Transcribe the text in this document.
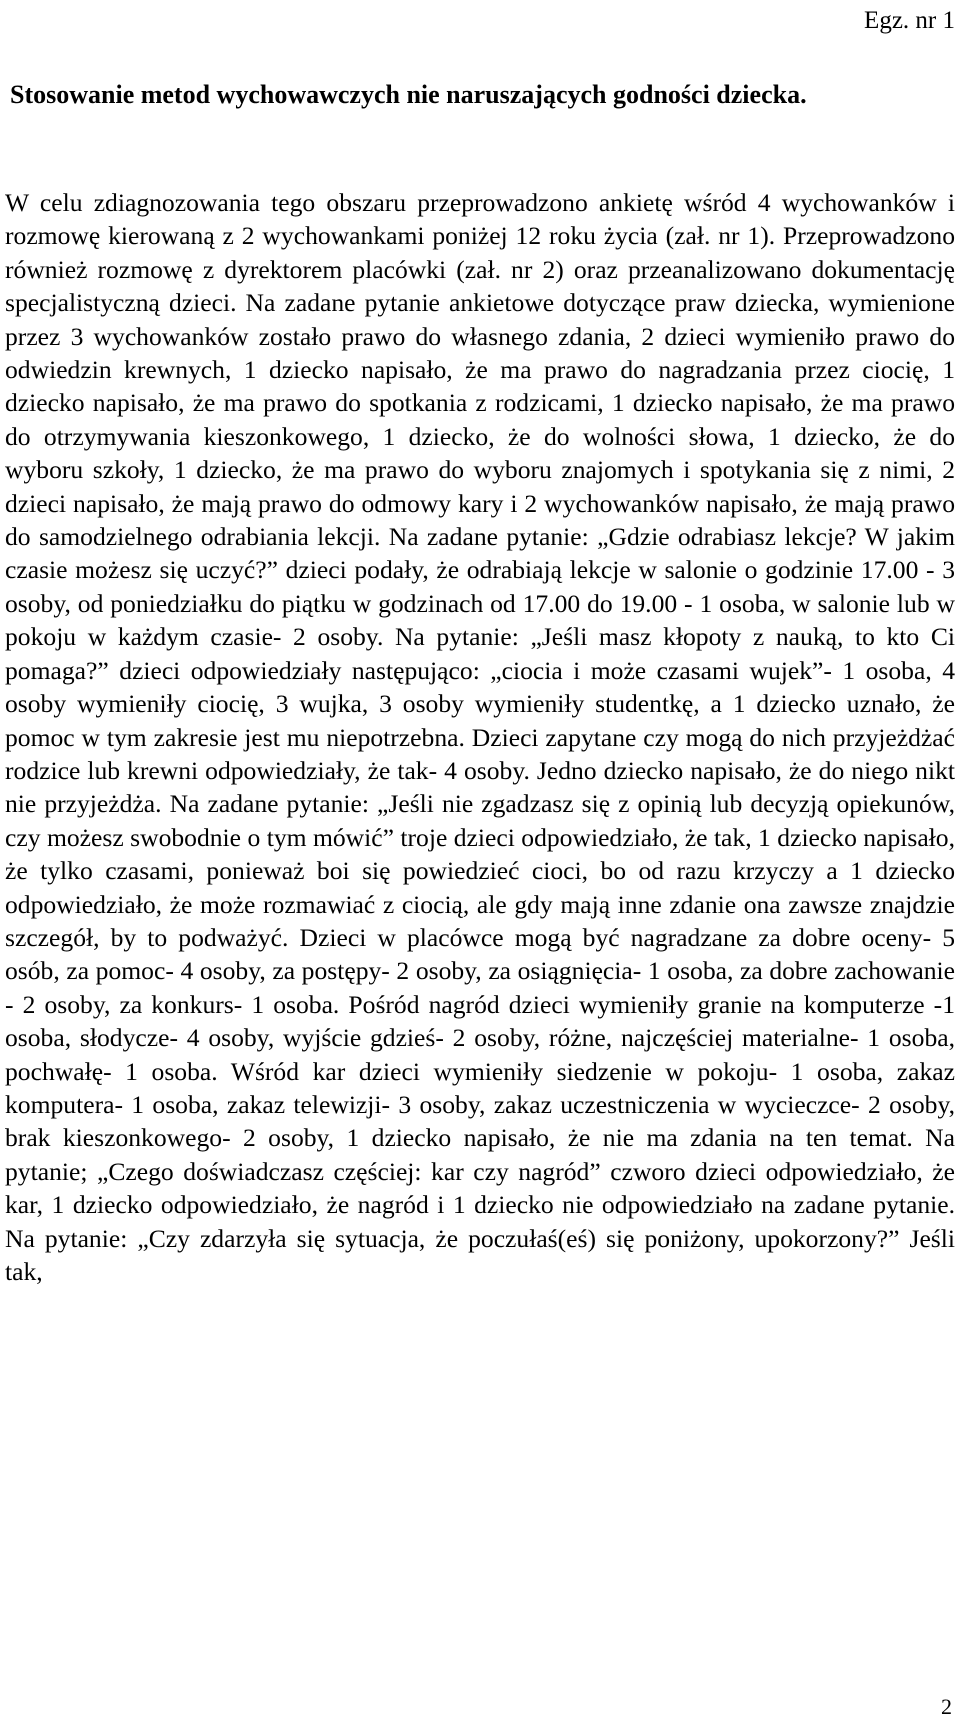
Egz. nr 1
Stosowanie metod wychowawczych nie naruszających godności dziecka.

W celu zdiagnozowania tego obszaru przeprowadzono ankietę wśród 4 wychowanków i rozmowę kierowaną z 2 wychowankami poniżej 12 roku życia (zał. nr 1). Przeprowadzono również rozmowę z dyrektorem placówki (zał. nr 2) oraz przeanalizowano dokumentację specjalistyczną dzieci. Na zadane pytanie ankietowe dotyczące praw dziecka, wymienione przez 3 wychowanków zostało prawo do własnego zdania, 2 dzieci wymieniło prawo do odwiedzin krewnych, 1 dziecko napisało, że ma prawo do nagradzania przez ciocię, 1 dziecko napisało, że ma prawo do spotkania z rodzicami, 1 dziecko napisało, że ma prawo do otrzymywania kieszonkowego, 1 dziecko, że do wolności słowa, 1 dziecko, że do wyboru szkoły, 1 dziecko, że ma prawo do wyboru znajomych i spotykania się z nimi, 2 dzieci napisało, że mają prawo do odmowy kary i 2 wychowanków napisało, że mają prawo do samodzielnego odrabiania lekcji. Na zadane pytanie: „Gdzie odrabiasz lekcje? W jakim czasie możesz się uczyć?” dzieci podały, że odrabiają lekcje w salonie o godzinie 17.00 - 3 osoby, od poniedziałku do piątku w godzinach od 17.00 do 19.00 - 1 osoba, w salonie lub w pokoju w każdym czasie- 2 osoby. Na pytanie: „Jeśli masz kłopoty z nauką, to kto Ci pomaga?” dzieci odpowiedziały następująco: „ciocia i może czasami wujek”- 1 osoba, 4 osoby wymieniły ciocię, 3 wujka, 3 osoby wymieniły studentkę, a 1 dziecko uznało, że pomoc w tym zakresie jest mu niepotrzebna. Dzieci zapytane czy mogą do nich przyjeżdżać rodzice lub krewni odpowiedziały, że tak- 4 osoby. Jedno dziecko napisało, że do niego nikt nie przyjeżdża. Na zadane pytanie: „Jeśli nie zgadzasz się z opinią lub decyzją opiekunów, czy możesz swobodnie o tym mówić” troje dzieci odpowiedziało, że tak, 1 dziecko napisało, że tylko czasami, ponieważ boi się powiedzieć cioci, bo od razu krzyczy a 1 dziecko odpowiedziało, że może rozmawiać z ciocią, ale gdy mają inne zdanie ona zawsze znajdzie szczegół, by to podważyć. Dzieci w placówce mogą być nagradzane za dobre oceny- 5 osób, za pomoc- 4 osoby, za postępy- 2 osoby, za osiągnięcia- 1 osoba, za dobre zachowanie - 2 osoby, za konkurs- 1 osoba. Pośród nagród dzieci wymieniły granie na komputerze -1 osoba, słodycze- 4 osoby, wyjście gdzieś- 2 osoby, różne, najczęściej materialne- 1 osoba, pochwałę- 1 osoba. Wśród kar dzieci wymieniły siedzenie w pokoju- 1 osoba, zakaz komputera- 1 osoba, zakaz telewizji- 3 osoby, zakaz uczestniczenia w wycieczce- 2 osoby, brak kieszonkowego- 2 osoby, 1 dziecko napisało, że nie ma zdania na ten temat. Na pytanie; „Czego doświadczasz częściej: kar czy nagród” czworo dzieci odpowiedziało, że kar, 1 dziecko odpowiedziało, że nagród i 1 dziecko nie odpowiedziało na zadane pytanie. Na pytanie: „Czy zdarzyła się sytuacja, że poczułaś(eś) się poniżony, upokorzony?” Jeśli tak,

2
